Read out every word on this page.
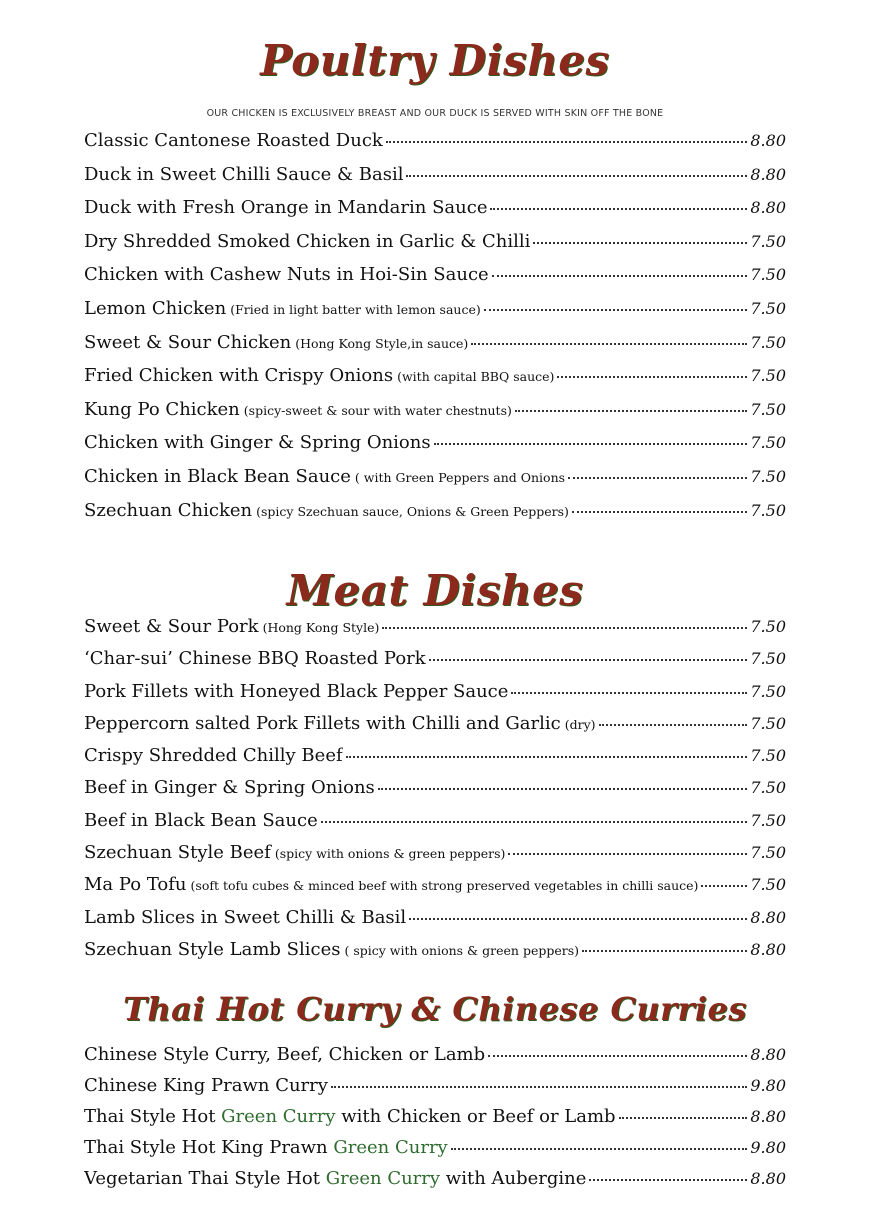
Poultry Dishes
OUR CHICKEN IS EXCLUSIVELY BREAST AND OUR DUCK IS SERVED WITH SKIN OFF THE BONE
Classic Cantonese Roasted Duck	8.80
Duck in Sweet Chilli Sauce & Basil	8.80
Duck with Fresh Orange in Mandarin Sauce	8.80
Dry Shredded Smoked Chicken in Garlic & Chilli	7.50
Chicken with Cashew Nuts in Hoi-Sin Sauce	7.50
Lemon Chicken (Fried in light batter with lemon sauce)	7.50
Sweet & Sour Chicken (Hong Kong Style,in sauce)	7.50
Fried Chicken with Crispy Onions (with capital BBQ sauce)	7.50
Kung Po Chicken (spicy-sweet & sour with water chestnuts)	7.50
Chicken with Ginger & Spring Onions	7.50
Chicken in Black Bean Sauce ( with Green Peppers and Onions	7.50
Szechuan Chicken (spicy Szechuan sauce, Onions & Green Peppers)	7.50
Meat Dishes
Sweet & Sour Pork (Hong Kong Style)	7.50
‘Char-sui’ Chinese BBQ Roasted Pork	7.50
Pork Fillets with Honeyed Black Pepper Sauce	7.50
Peppercorn salted Pork Fillets with Chilli and Garlic (dry)	7.50
Crispy Shredded Chilly Beef	7.50
Beef in Ginger & Spring Onions	7.50
Beef in Black Bean Sauce	7.50
Szechuan Style Beef (spicy with onions & green peppers)	7.50
Ma Po Tofu (soft tofu cubes & minced beef with strong preserved vegetables in chilli sauce)	7.50
Lamb Slices in Sweet Chilli & Basil	8.80
Szechuan Style Lamb Slices ( spicy with onions & green peppers)	8.80
Thai Hot Curry & Chinese Curries
Chinese Style Curry, Beef, Chicken or Lamb	8.80
Chinese King Prawn Curry	9.80
Thai Style Hot Green Curry with Chicken or Beef or Lamb	8.80
Thai Style Hot King Prawn Green Curry	9.80
Vegetarian Thai Style Hot Green Curry with Aubergine	8.80
